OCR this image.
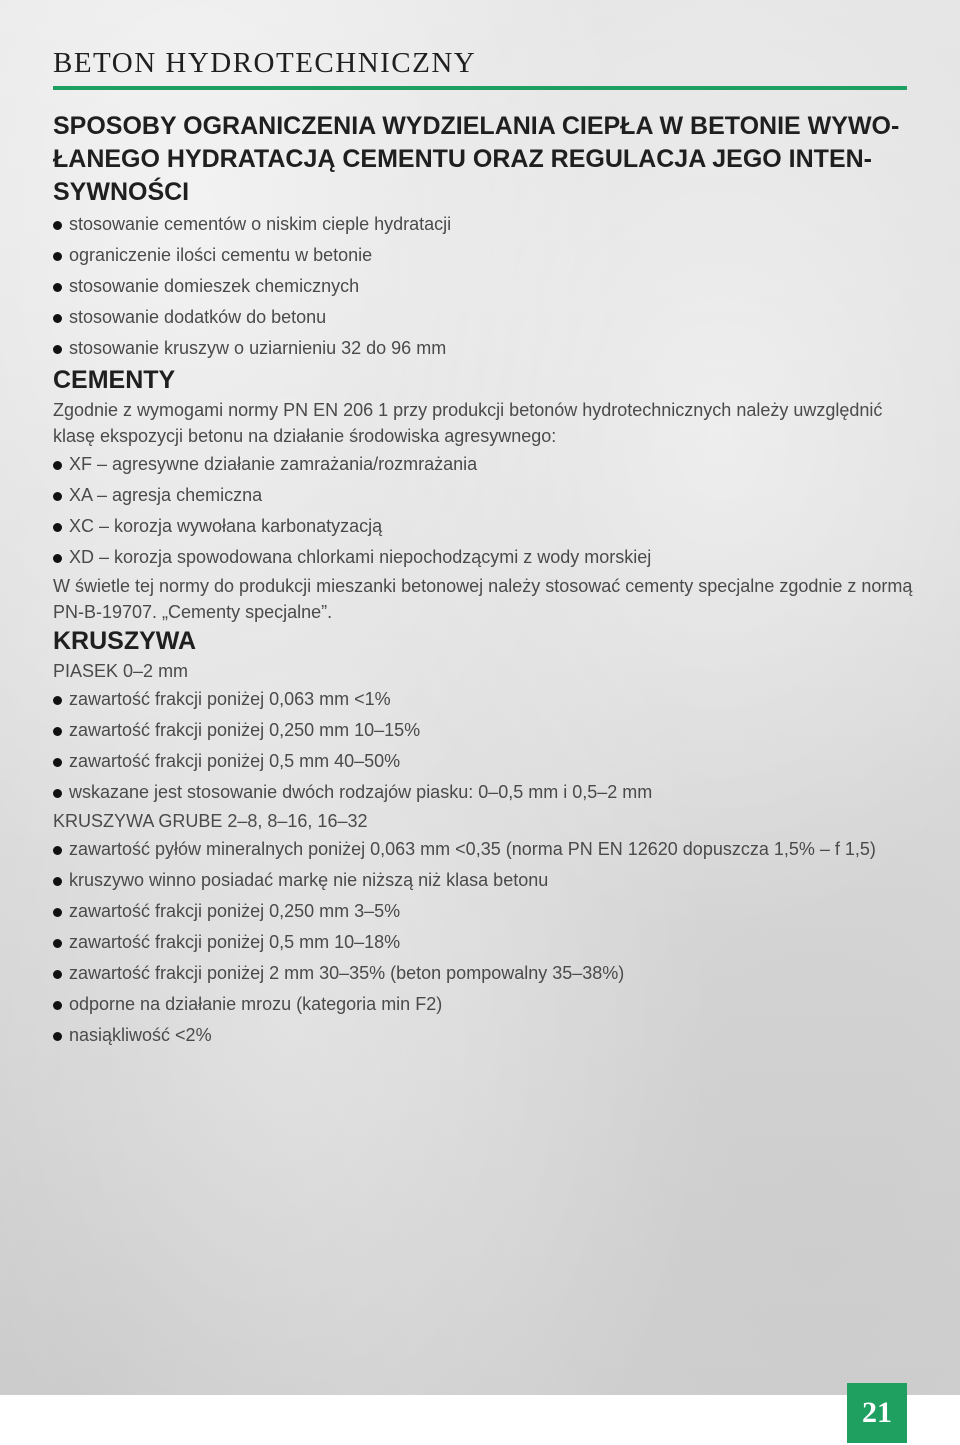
BETON HYDROTECHNICZNY
SPOSOBY OGRANICZENIA WYDZIELANIA CIEPŁA W BETONIE WYWO-ŁANEGO HYDRATACJĄ CEMENTU ORAZ REGULACJA JEGO INTEN-SYWNOŚCI
stosowanie cementów o niskim cieple hydratacji
ograniczenie ilości cementu w betonie
stosowanie domieszek chemicznych
stosowanie dodatków do betonu
stosowanie kruszyw o uziarnieniu 32 do 96 mm
CEMENTY

Zgodnie z wymogami normy PN EN 206 1 przy produkcji betonów hydrotechnicznych należy uwzględnić klasę ekspozycji betonu na działanie środowiska agresywnego:

XF – agresywne działanie zamrażania/rozmrażania
XA – agresja chemiczna
XC – korozja wywołana karbonatyzacją
XD – korozja spowodowana chlorkami niepochodzącymi z wody morskiej

W świetle tej normy do produkcji mieszanki betonowej należy stosować cementy specjalne zgodnie z normą PN-B-19707. „Cementy specjalne”.

KRUSZYWA

PIASEK 0–2 mm

zawartość frakcji poniżej 0,063 mm <1%
zawartość frakcji poniżej 0,250 mm 10–15%
zawartość frakcji poniżej 0,5 mm 40–50%
wskazane jest stosowanie dwóch rodzajów piasku: 0–0,5 mm i 0,5–2 mm

KRUSZYWA GRUBE 2–8, 8–16, 16–32

zawartość pyłów mineralnych poniżej 0,063 mm <0,35 (norma PN EN 12620 dopuszcza 1,5% – f 1,5)
kruszywo winno posiadać markę nie niższą niż klasa betonu
zawartość frakcji poniżej 0,250 mm 3–5%
zawartość frakcji poniżej 0,5 mm 10–18%
zawartość frakcji poniżej 2 mm 30–35% (beton pompowalny 35–38%)
odporne na działanie mrozu (kategoria min F2)
nasiąkliwość <2%
21
